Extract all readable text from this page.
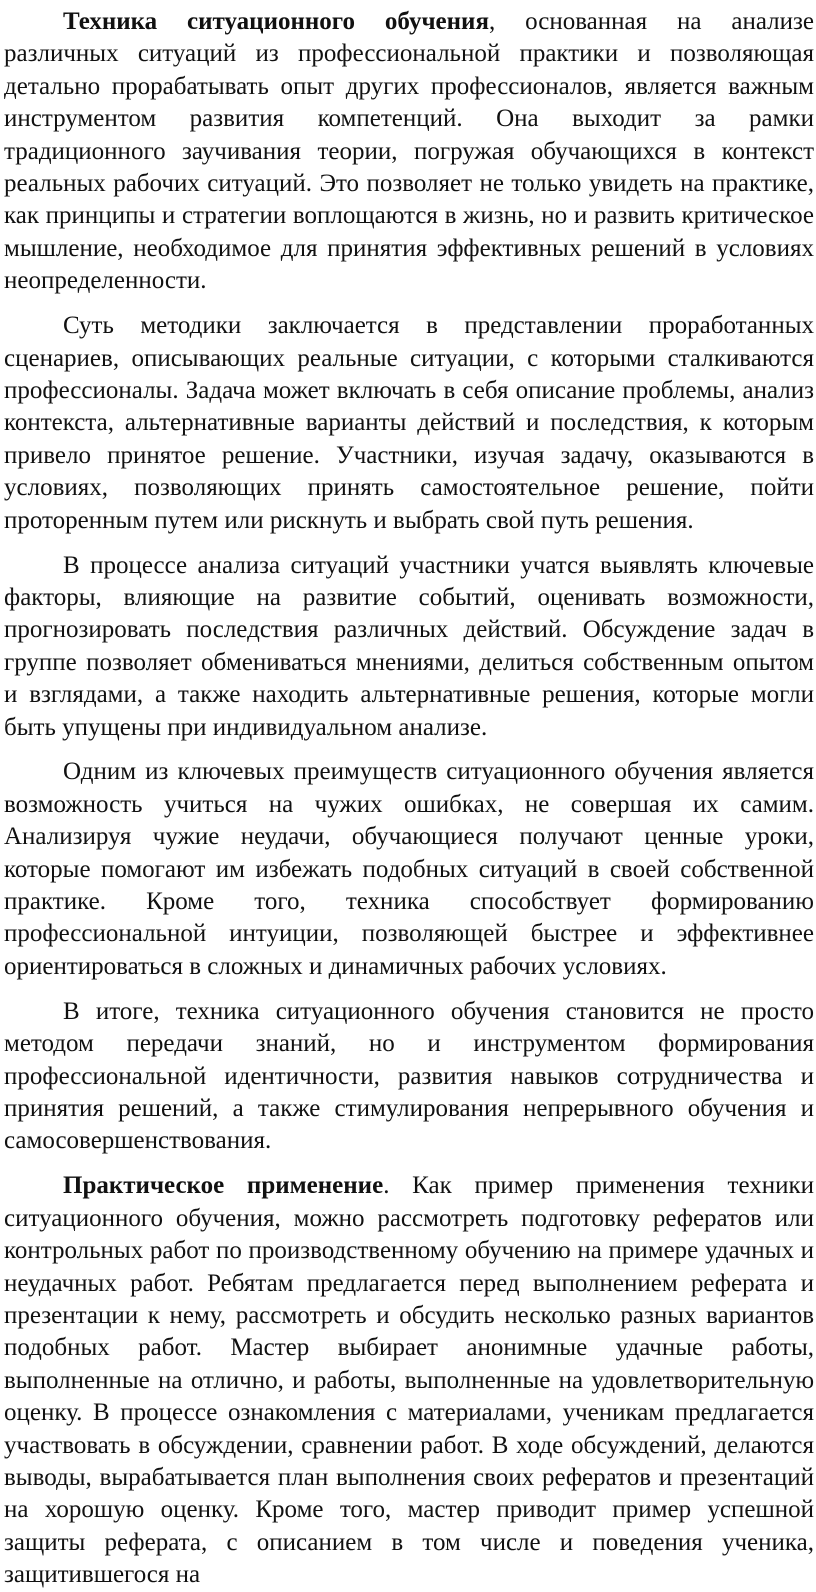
Техника ситуационного обучения, основанная на анализе различных ситуаций из профессиональной практики и позволяющая детально прорабатывать опыт других профессионалов, является важным инструментом развития компетенций. Она выходит за рамки традиционного заучивания теории, погружая обучающихся в контекст реальных рабочих ситуаций. Это позволяет не только увидеть на практике, как принципы и стратегии воплощаются в жизнь, но и развить критическое мышление, необходимое для принятия эффективных решений в условиях неопределенности.

Суть методики заключается в представлении проработанных сценариев, описывающих реальные ситуации, с которыми сталкиваются профессионалы. Задача может включать в себя описание проблемы, анализ контекста, альтернативные варианты действий и последствия, к которым привело принятое решение. Участники, изучая задачу, оказываются в условиях, позволяющих принять самостоятельное решение, пойти проторенным путем или рискнуть и выбрать свой путь решения.

В процессе анализа ситуаций участники учатся выявлять ключевые факторы, влияющие на развитие событий, оценивать возможности, прогнозировать последствия различных действий. Обсуждение задач в группе позволяет обмениваться мнениями, делиться собственным опытом и взглядами, а также находить альтернативные решения, которые могли быть упущены при индивидуальном анализе.

Одним из ключевых преимуществ ситуационного обучения является возможность учиться на чужих ошибках, не совершая их самим. Анализируя чужие неудачи, обучающиеся получают ценные уроки, которые помогают им избежать подобных ситуаций в своей собственной практике. Кроме того, техника способствует формированию профессиональной интуиции, позволяющей быстрее и эффективнее ориентироваться в сложных и динамичных рабочих условиях.

В итоге, техника ситуационного обучения становится не просто методом передачи знаний, но и инструментом формирования профессиональной идентичности, развития навыков сотрудничества и принятия решений, а также стимулирования непрерывного обучения и самосовершенствования.

Практическое применение. Как пример применения техники ситуационного обучения, можно рассмотреть подготовку рефератов или контрольных работ по производственному обучению на примере удачных и неудачных работ. Ребятам предлагается перед выполнением реферата и презентации к нему, рассмотреть и обсудить несколько разных вариантов подобных работ. Мастер выбирает анонимные удачные работы, выполненные на отлично, и работы, выполненные на удовлетворительную оценку. В процессе ознакомления с материалами, ученикам предлагается участвовать в обсуждении, сравнении работ. В ходе обсуждений, делаются выводы, вырабатывается план выполнения своих рефератов и презентаций на хорошую оценку. Кроме того, мастер приводит пример успешной защиты реферата, с описанием в том числе и поведения ученика, защитившегося на
